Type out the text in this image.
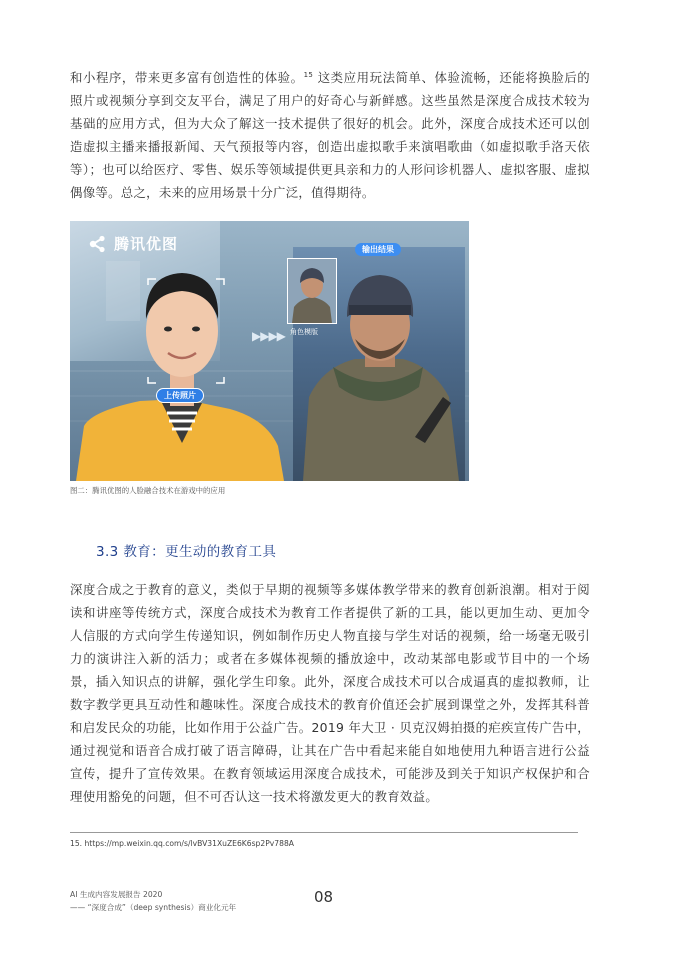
和小程序，带来更多富有创造性的体验。$^{15}$ 这类应用玩法简单、体验流畅，还能将换脸后的照片或视频分享到交友平台，满足了用户的好奇心与新鲜感。这些虽然是深度合成技术较为基础的应用方式，但为大众了解这一技术提供了很好的机会。此外，深度合成技术还可以创造虚拟主播来播报新闻、天气预报等内容，创造出虚拟歌手来演唱歌曲（如虚拟歌手洛天依等）；也可以给医疗、零售、娱乐等领域提供更具亲和力的人形问诊机器人、虚拟客服、虚拟偶像等。总之，未来的应用场景十分广泛，值得期待。

腾讯优图
▶▶▶▶
输出结果
上传照片
角色模版
图二：腾讯优图的人脸融合技术在游戏中的应用
3.3 教育：更生动的教育工具

深度合成之于教育的意义，类似于早期的视频等多媒体教学带来的教育创新浪潮。相对于阅读和讲座等传统方式，深度合成技术为教育工作者提供了新的工具，能以更加生动、更加令人信服的方式向学生传递知识，例如制作历史人物直接与学生对话的视频，给一场毫无吸引力的演讲注入新的活力；或者在多媒体视频的播放途中，改动某部电影或节目中的一个场景，插入知识点的讲解，强化学生印象。此外，深度合成技术可以合成逼真的虚拟教师，让数字教学更具互动性和趣味性。深度合成技术的教育价值还会扩展到课堂之外，发挥其科普和启发民众的功能，比如作用于公益广告。2019 年大卫 · 贝克汉姆拍摄的疟疾宣传广告中，通过视觉和语音合成打破了语言障碍，让其在广告中看起来能自如地使用九种语言进行公益宣传，提升了宣传效果。在教育领域运用深度合成技术，可能涉及到关于知识产权保护和合理使用豁免的问题，但不可否认这一技术将激发更大的教育效益。

15. https://mp.weixin.qq.com/s/lvBV31XuZE6K6sp2Pv788A
AI 生成内容发展报告 2020
—— “深度合成”（deep synthesis）商业化元年
08
